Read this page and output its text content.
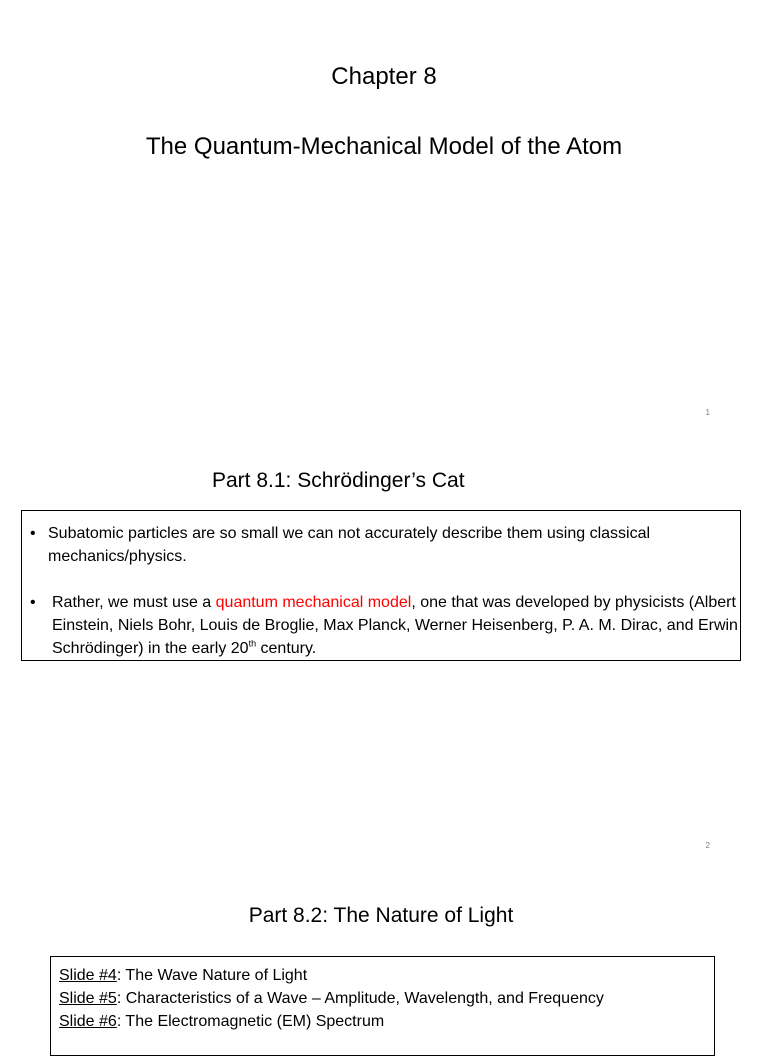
Chapter 8
The Quantum-Mechanical Model of the Atom
1
Part 8.1: Schrödinger’s Cat
• Subatomic particles are so small we can not accurately describe them using classical mechanics/physics.
•	Rather, we must use a quantum mechanical model, one that was developed by physicists (Albert Einstein, Niels Bohr, Louis de Broglie, Max Planck, Werner Heisenberg, P. A. M. Dirac, and Erwin Schrödinger) in the early 20th century.
2
Part 8.2: The Nature of Light
Slide #4: The Wave Nature of Light
Slide #5: Characteristics of a Wave – Amplitude, Wavelength, and Frequency
Slide #6: The Electromagnetic (EM) Spectrum
